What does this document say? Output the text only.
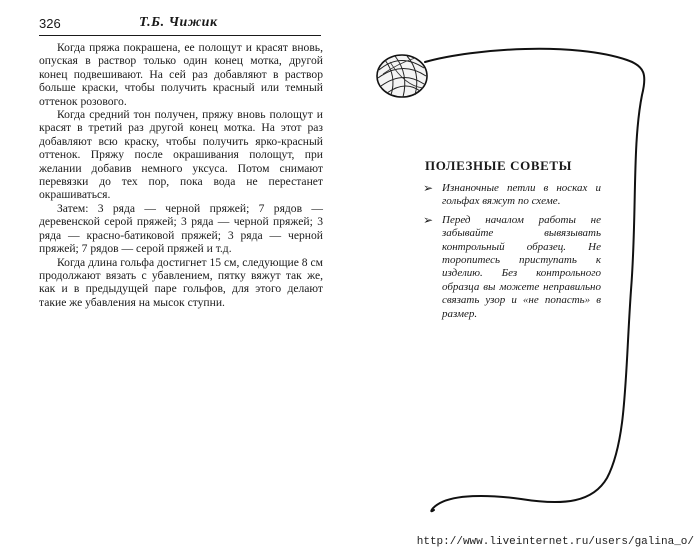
326	Т.Б. Чижик

Когда пряжа покрашена, ее полощут и красят вновь, опуская в раствор только один конец мотка, другой конец подвешивают. На сей раз добавляют в раствор больше краски, чтобы получить красный или темный оттенок розового.

Когда средний тон получен, пряжу вновь полощут и красят в третий раз другой конец мотка. На этот раз добавляют всю краску, чтобы получить ярко-красный оттенок. Пряжу после окрашивания полощут, при желании добавив немного уксуса. Потом снимают перевязки до тех пор, пока вода не перестанет окрашиваться.

Затем: 3 ряда — черной пряжей; 7 рядов — деревенской серой пряжей; 3 ряда — черной пряжей; 3 ряда — красно-батиковой пряжей; 3 ряда — черной пряжей; 7 рядов — серой пряжей и т.д.

Когда длина гольфа достигнет 15 см, следующие 8 см продолжают вязать с убавлением, пятку вяжут так же, как и в предыдущей паре гольфов, для этого делают такие же убавления на мысок ступни.

ПОЛЕЗНЫЕ СОВЕТЫ
➢ Изнаночные петли в носках и гольфах вяжут по схеме.
➢ Перед началом работы не забывайте вывязывать контрольный образец. Не торопитесь приступать к изделию. Без контрольного образца вы можете неправильно связать узор и «не попасть» в размер.
http://www.liveinternet.ru/users/galina_o/
